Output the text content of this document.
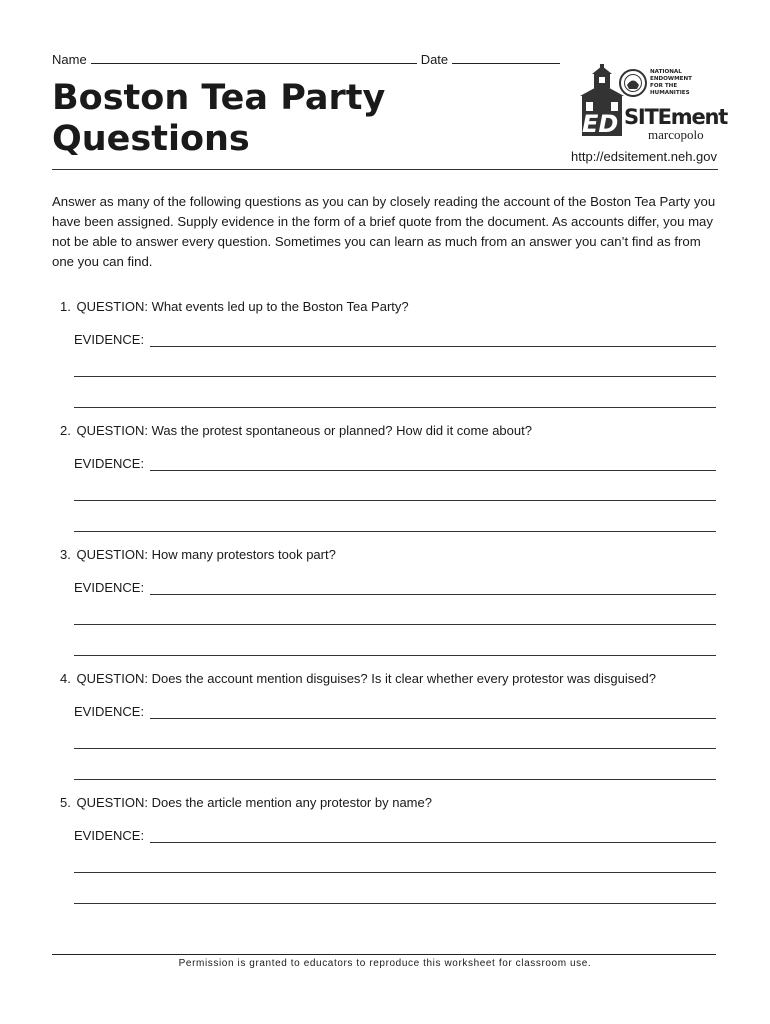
Name	Date
Boston Tea Party
Questions	ED
NATIONAL
ENDOWMENT
FOR THE
HUMANITIES
SITEment
marcopolo
http://edsitement.neh.gov

Answer as many of the following questions as you can by closely reading the account of the Boston Tea Party you have been assigned. Supply evidence in the form of a brief quote from the document. As accounts differ, you may not be able to answer every question. Sometimes you can learn as much from an answer you can’t find as from one you can find.

1. QUESTION: What events led up to the Boston Tea Party?
EVIDENCE:
2. QUESTION: Was the protest spontaneous or planned? How did it come about?
EVIDENCE:
3. QUESTION: How many protestors took part?
EVIDENCE:
4. QUESTION: Does the account mention disguises? Is it clear whether every protestor was disguised?
EVIDENCE:
5. QUESTION: Does the article mention any protestor by name?
EVIDENCE:
Permission is granted to educators to reproduce this worksheet for classroom use.
